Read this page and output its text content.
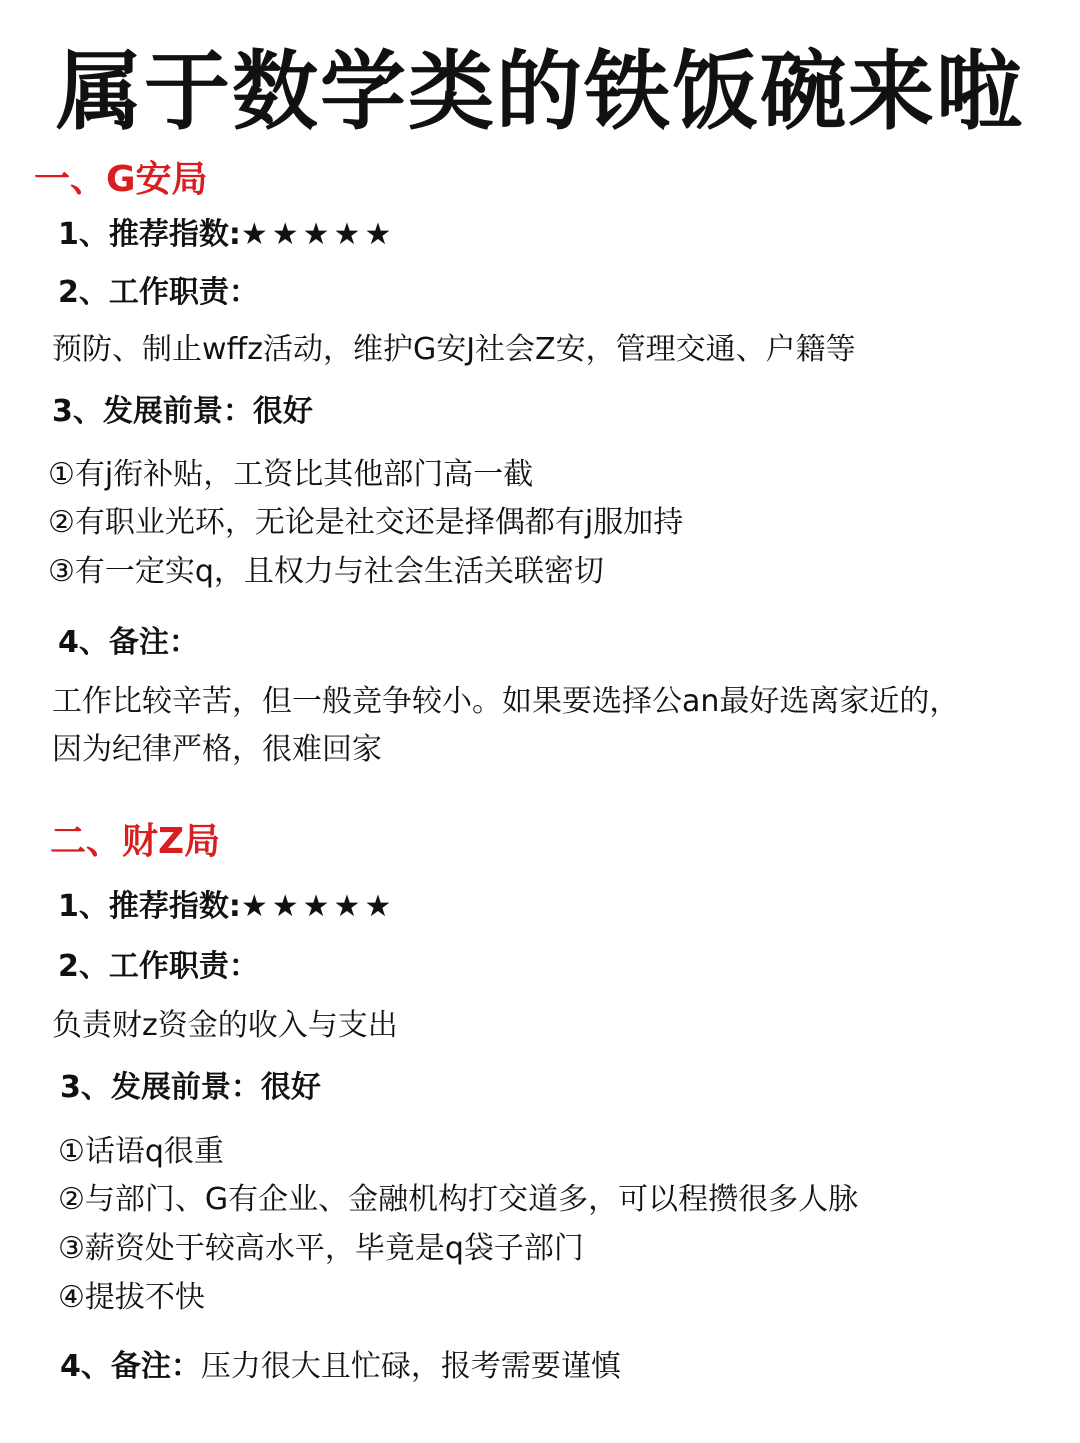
属于数学类的铁饭碗来啦
一、G安局
1、推荐指数:★★★★★
2、工作职责：
预防、制止wffz活动，维护G安J社会Z安，管理交通、户籍等
3、发展前景：很好
①有j衔补贴，工资比其他部门高一截
②有职业光环，无论是社交还是择偶都有j服加持
③有一定实q，且权力与社会生活关联密切
4、备注：
工作比较辛苦，但一般竞争较小。如果要选择公an最好选离家近的，
因为纪律严格，很难回家
二、财Z局
1、推荐指数:★★★★★
2、工作职责：
负责财z资金的收入与支出
3、发展前景：很好
①话语q很重
②与部门、G有企业、金融机构打交道多，可以程攒很多人脉
③薪资处于较高水平，毕竟是q袋子部门
④提拔不快
4、备注：压力很大且忙碌，报考需要谨慎
